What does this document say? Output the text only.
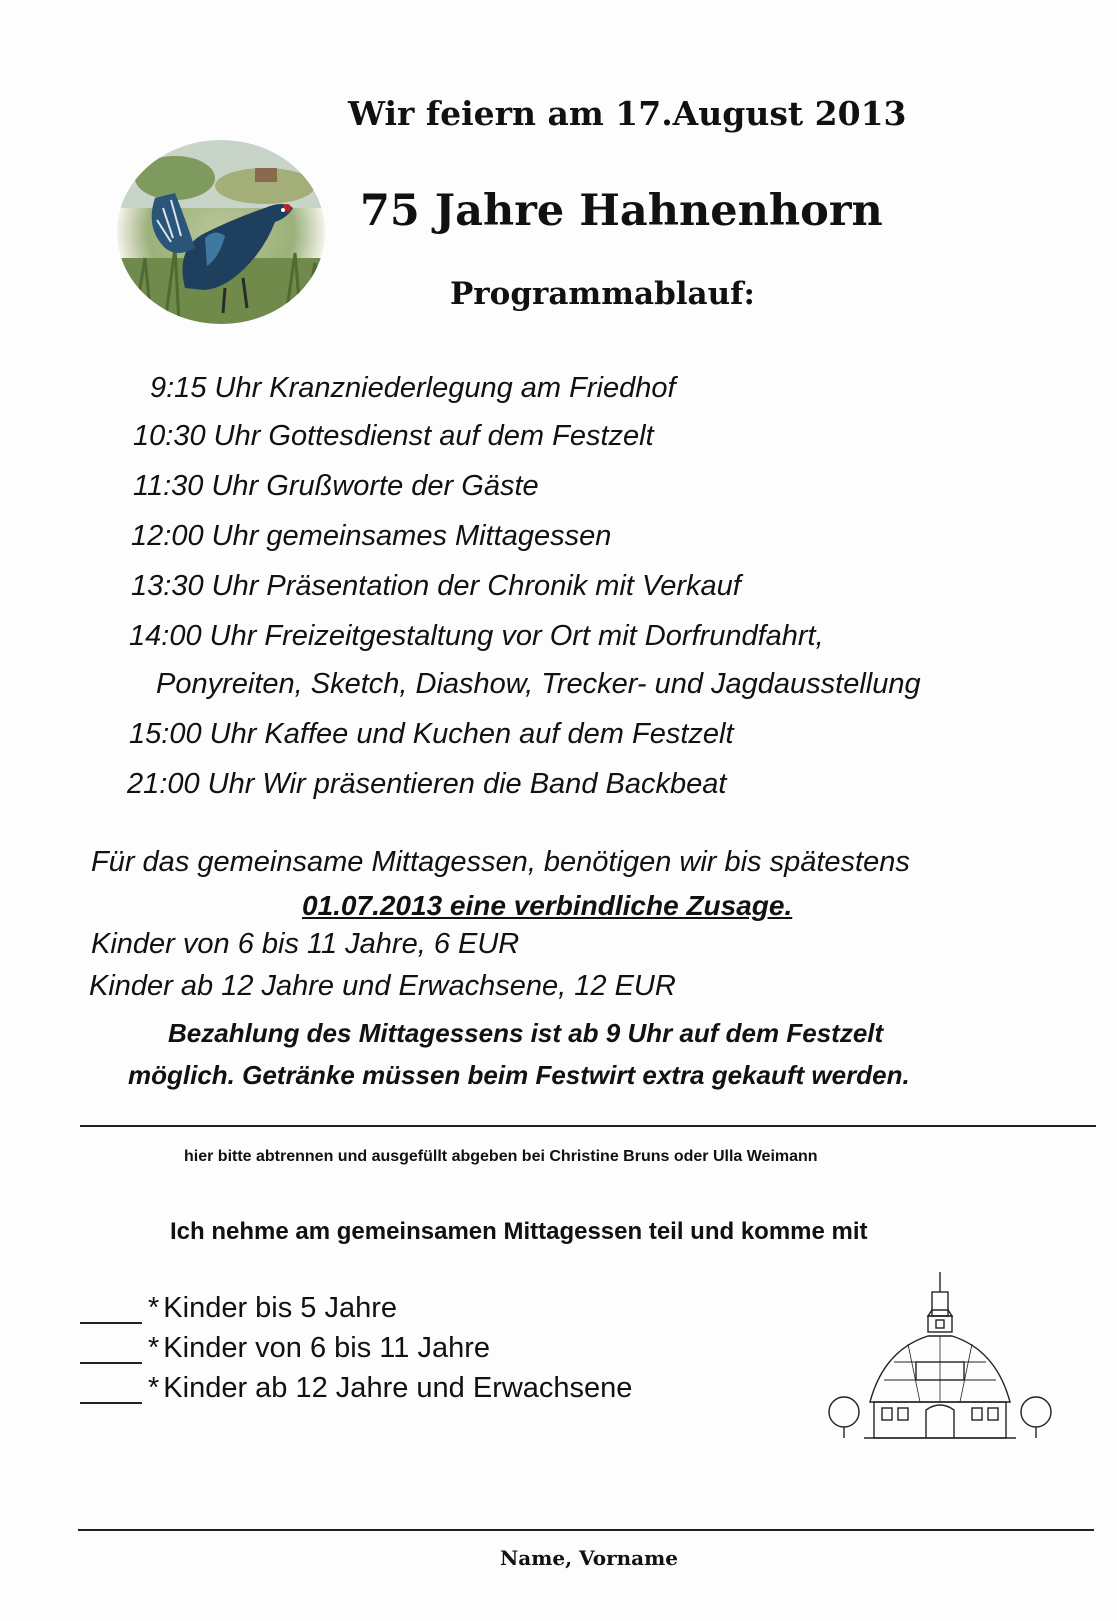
Wir feiern am 17.August 2013
75 Jahre Hahnenhorn
Programmablauf:
9:15 Uhr Kranzniederlegung am Friedhof
10:30 Uhr Gottesdienst auf dem Festzelt
11:30 Uhr Grußworte der Gäste
12:00 Uhr gemeinsames Mittagessen
13:30 Uhr Präsentation der Chronik mit Verkauf
14:00 Uhr Freizeitgestaltung vor Ort mit Dorfrundfahrt,
Ponyreiten, Sketch, Diashow, Trecker- und Jagdausstellung
15:00 Uhr Kaffee und Kuchen auf dem Festzelt
21:00 Uhr Wir präsentieren die Band Backbeat
Für das gemeinsame Mittagessen, benötigen wir bis spätestens
01.07.2013 eine verbindliche Zusage.
Kinder von 6 bis 11 Jahre, 6 EUR
Kinder ab 12 Jahre und Erwachsene, 12 EUR
Bezahlung des Mittagessens ist ab 9 Uhr auf dem Festzelt
möglich. Getränke müssen beim Festwirt extra gekauft werden.
hier bitte abtrennen und ausgefüllt abgeben bei Christine Bruns oder Ulla Weimann
Ich nehme am gemeinsamen Mittagessen teil und komme mit
* Kinder bis 5 Jahre
* Kinder von 6 bis 11 Jahre
* Kinder ab 12 Jahre und Erwachsene
Name, Vorname
